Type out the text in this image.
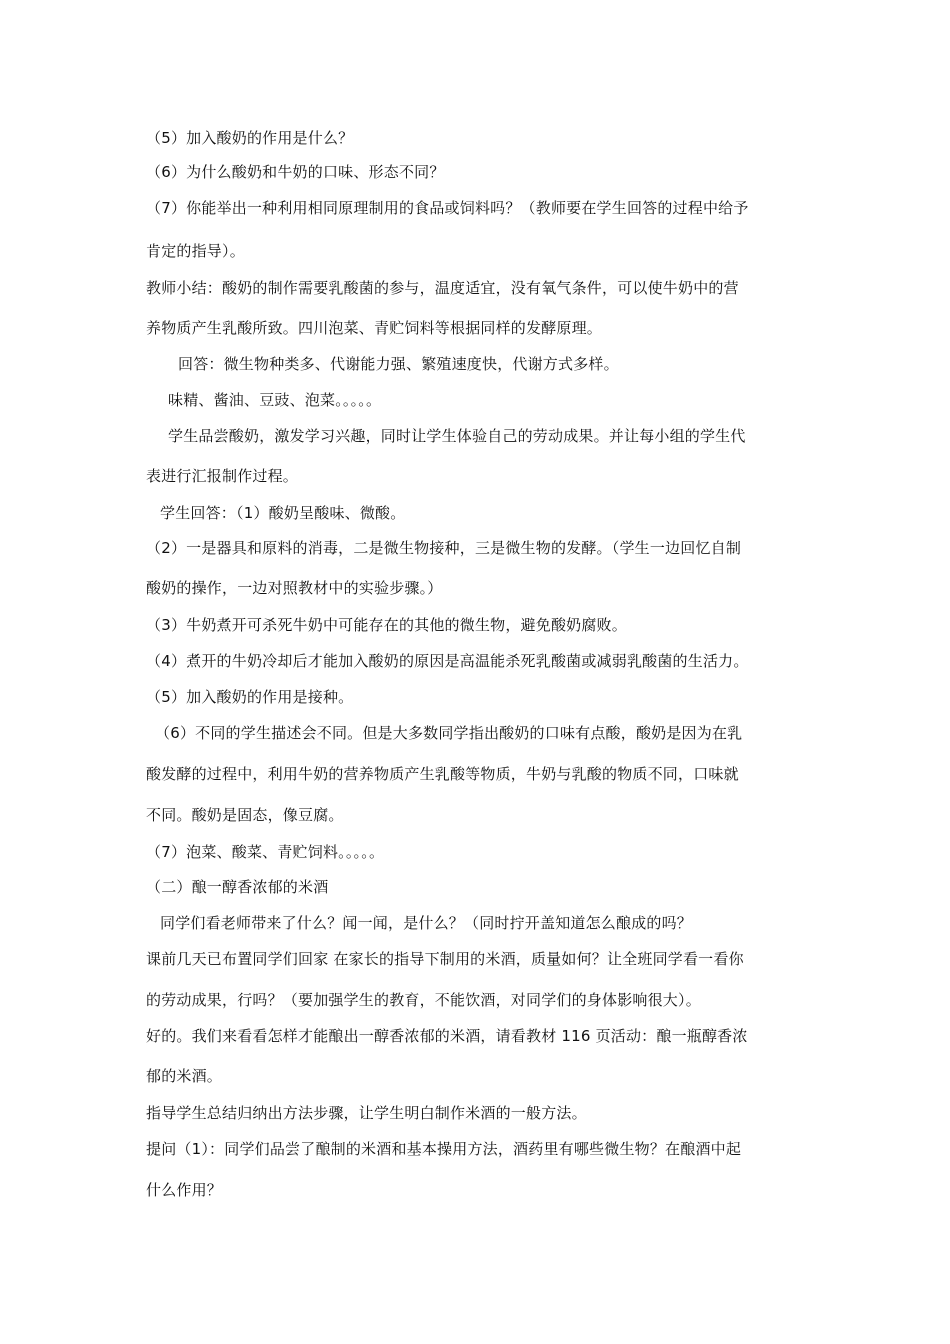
（5）加入酸奶的作用是什么？
（6）为什么酸奶和牛奶的口味、形态不同？
（7）你能举出一种利用相同原理制用的食品或饲料吗？（教师要在学生回答的过程中给予
肯定的指导）。
教师小结：酸奶的制作需要乳酸菌的参与，温度适宜，没有氧气条件，可以使牛奶中的营
养物质产生乳酸所致。四川泡菜、青贮饲料等根据同样的发酵原理。
回答：微生物种类多、代谢能力强、繁殖速度快，代谢方式多样。
味精、酱油、豆豉、泡菜。。。。。
学生品尝酸奶，激发学习兴趣，同时让学生体验自己的劳动成果。并让每小组的学生代
表进行汇报制作过程。
学生回答：（1）酸奶呈酸味、微酸。
（2）一是器具和原料的消毒，二是微生物接种，三是微生物的发酵。（学生一边回忆自制
酸奶的操作，一边对照教材中的实验步骤。）
（3）牛奶煮开可杀死牛奶中可能存在的其他的微生物，避免酸奶腐败。
（4）煮开的牛奶冷却后才能加入酸奶的原因是高温能杀死乳酸菌或减弱乳酸菌的生活力。
（5）加入酸奶的作用是接种。
（6）不同的学生描述会不同。但是大多数同学指出酸奶的口味有点酸，酸奶是因为在乳
酸发酵的过程中，利用牛奶的营养物质产生乳酸等物质，牛奶与乳酸的物质不同，口味就
不同。酸奶是固态，像豆腐。
（7）泡菜、酸菜、青贮饲料。。。。。
（二）酿一醇香浓郁的米酒
同学们看老师带来了什么？闻一闻，是什么？（同时拧开盖知道怎么酿成的吗？
课前几天已布置同学们回家 在家长的指导下制用的米酒，质量如何？让全班同学看一看你
的劳动成果，行吗？（要加强学生的教育，不能饮酒，对同学们的身体影响很大）。
好的。我们来看看怎样才能酿出一醇香浓郁的米酒，请看教材 116 页活动：酿一瓶醇香浓
郁的米酒。
指导学生总结归纳出方法步骤，让学生明白制作米酒的一般方法。
提问（1）：同学们品尝了酿制的米酒和基本操用方法，酒药里有哪些微生物？在酿酒中起
什么作用？
